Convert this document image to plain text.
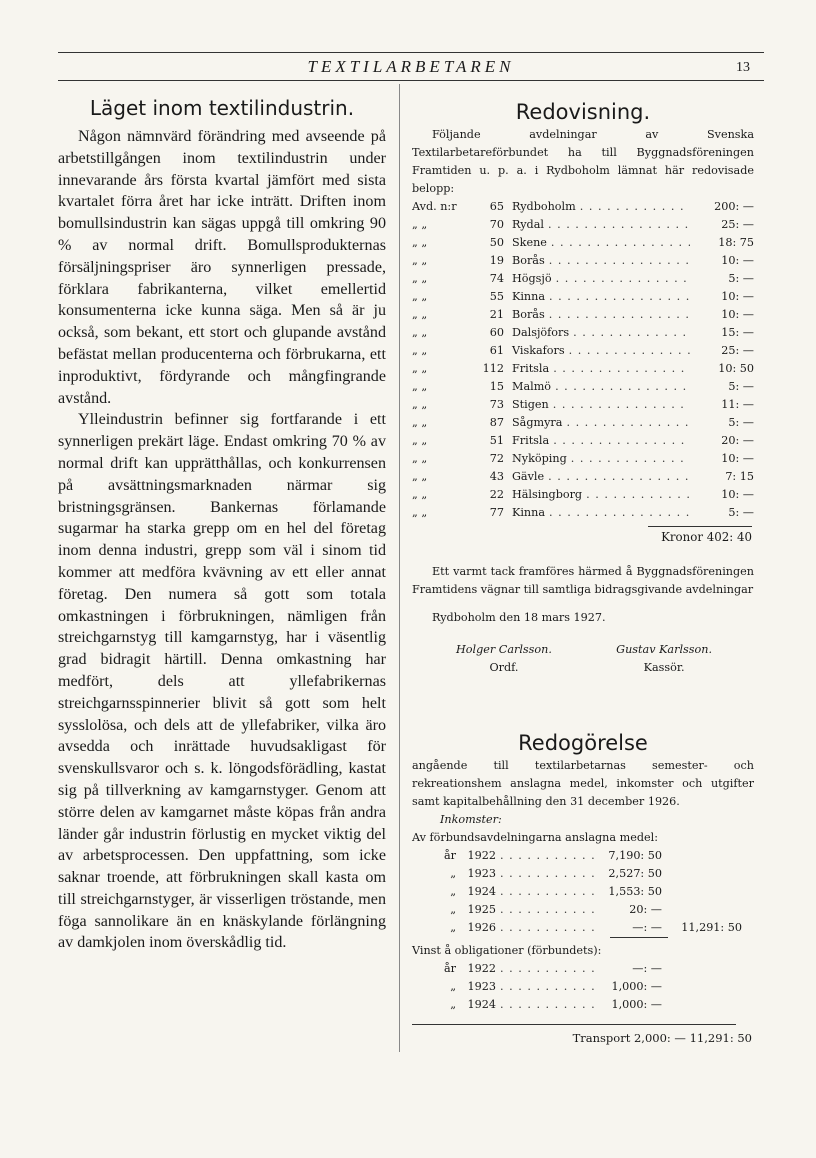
TEXTILARBETAREN	13
Läget inom textilindustrin.

Någon nämnvärd förändring med avseende på arbetstillgången inom textilindustrin under innevarande års första kvartal jämfört med sista kvartalet förra året har icke inträtt. Driften inom bomullsindustrin kan sägas uppgå till omkring 90 % av normal drift. Bomullsprodukternas försäljningspriser äro synnerligen pressade, förklara fabrikanterna, vilket emellertid konsumenterna icke kunna säga. Men så är ju också, som bekant, ett stort och glupande avstånd befästat mellan producenterna och förbrukarna, ett inproduktivt, fördyrande och mångfingrande avstånd.

Ylleindustrin befinner sig fortfarande i ett synnerligen prekärt läge. Endast omkring 70 % av normal drift kan upprätthållas, och konkurrensen på avsättningsmarknaden närmar sig bristningsgränsen. Bankernas förlamande sugarmar ha starka grepp om en hel del företag inom denna industri, grepp som väl i sinom tid kommer att medföra kvävning av ett eller annat företag. Den numera så gott som totala omkastningen i förbrukningen, nämligen från streichgarnstyg till kamgarnstyg, har i väsentlig grad bidragit härtill. Denna omkastning har medfört, dels att yllefabrikernas streichgarnsspinnerier blivit så gott som helt sysslolösa, och dels att de yllefabriker, vilka äro avsedda och inrättade huvudsakligast för svenskullsvaror och s. k. löngodsförädling, kastat sig på tillverkning av kamgarnstyger. Genom att större delen av kamgarnet måste köpas från andra länder går industrin förlustig en mycket viktig del av arbetsprocessen. Den uppfattning, som icke saknar troende, att förbrukningen skall kasta om till streichgarnstyger, är visserligen tröstande, men föga sannolikare än en knäskylande förlängning av damkjolen inom överskådlig tid.

Redovisning.
Följande avdelningar av Svenska Textilarbetareförbundet ha till Byggnadsföreningen Framtiden u. p. a. i Rydboholm lämnat här redovisade belopp:
Avd. n:r	65 Rydboholm . . .	200: —
„ „	70 Rydal . . .	25: —
„ „	50 Skene . . .	18: 75
„ „	19 Borås . . .	10: —
„ „	74 Högsjö . . .	5: —
„ „	55 Kinna . . .	10: —
„ „	21 Borås . . .	10: —
„ „	60 Dalsjöfors . . .	15: —
„ „	61 Viskafors . . .	25: —
„ „	112 Fritsla . . .	10: 50
„ „	15 Malmö . . .	5: —
„ „	73 Stigen . . .	11: —
„ „	87 Sågmyra . . .	5: —
„ „	51 Fritsla . . .	20: —
„ „	72 Nyköping . . .	10: —
„ „	43 Gävle . . .	7: 15
„ „	22 Hälsingborg . . .	10: —
„ „	77 Kinna . . .	5: —
Kronor 402: 40
Ett varmt tack framföres härmed å Byggnadsföreningen Framtidens vägnar till samtliga bidragsgivande avdelningar
Rydboholm den 18 mars 1927.
Holger Carlsson.
Ordf.
Gustav Karlsson.
Kassör.
Redogörelse
angående till textilarbetarnas semester- och rekreationshem anslagna medel, inkomster och utgifter samt kapitalbehållning den 31 december 1926.
Inkomster:
Av förbundsavdelningarna anslagna medel:
år	1922 . . .	7,190: 50
„	1923 . . .	2,527: 50
„	1924 . . .	1,553: 50
„	1925 . . .	20: —
„	1926 . . .	—: —	11,291: 50
Vinst å obligationer (förbundets):
år	1922 . . .	—: —
„	1923 . . .	1,000: —
„	1924 . . .	1,000: —
Transport 2,000: — 11,291: 50
